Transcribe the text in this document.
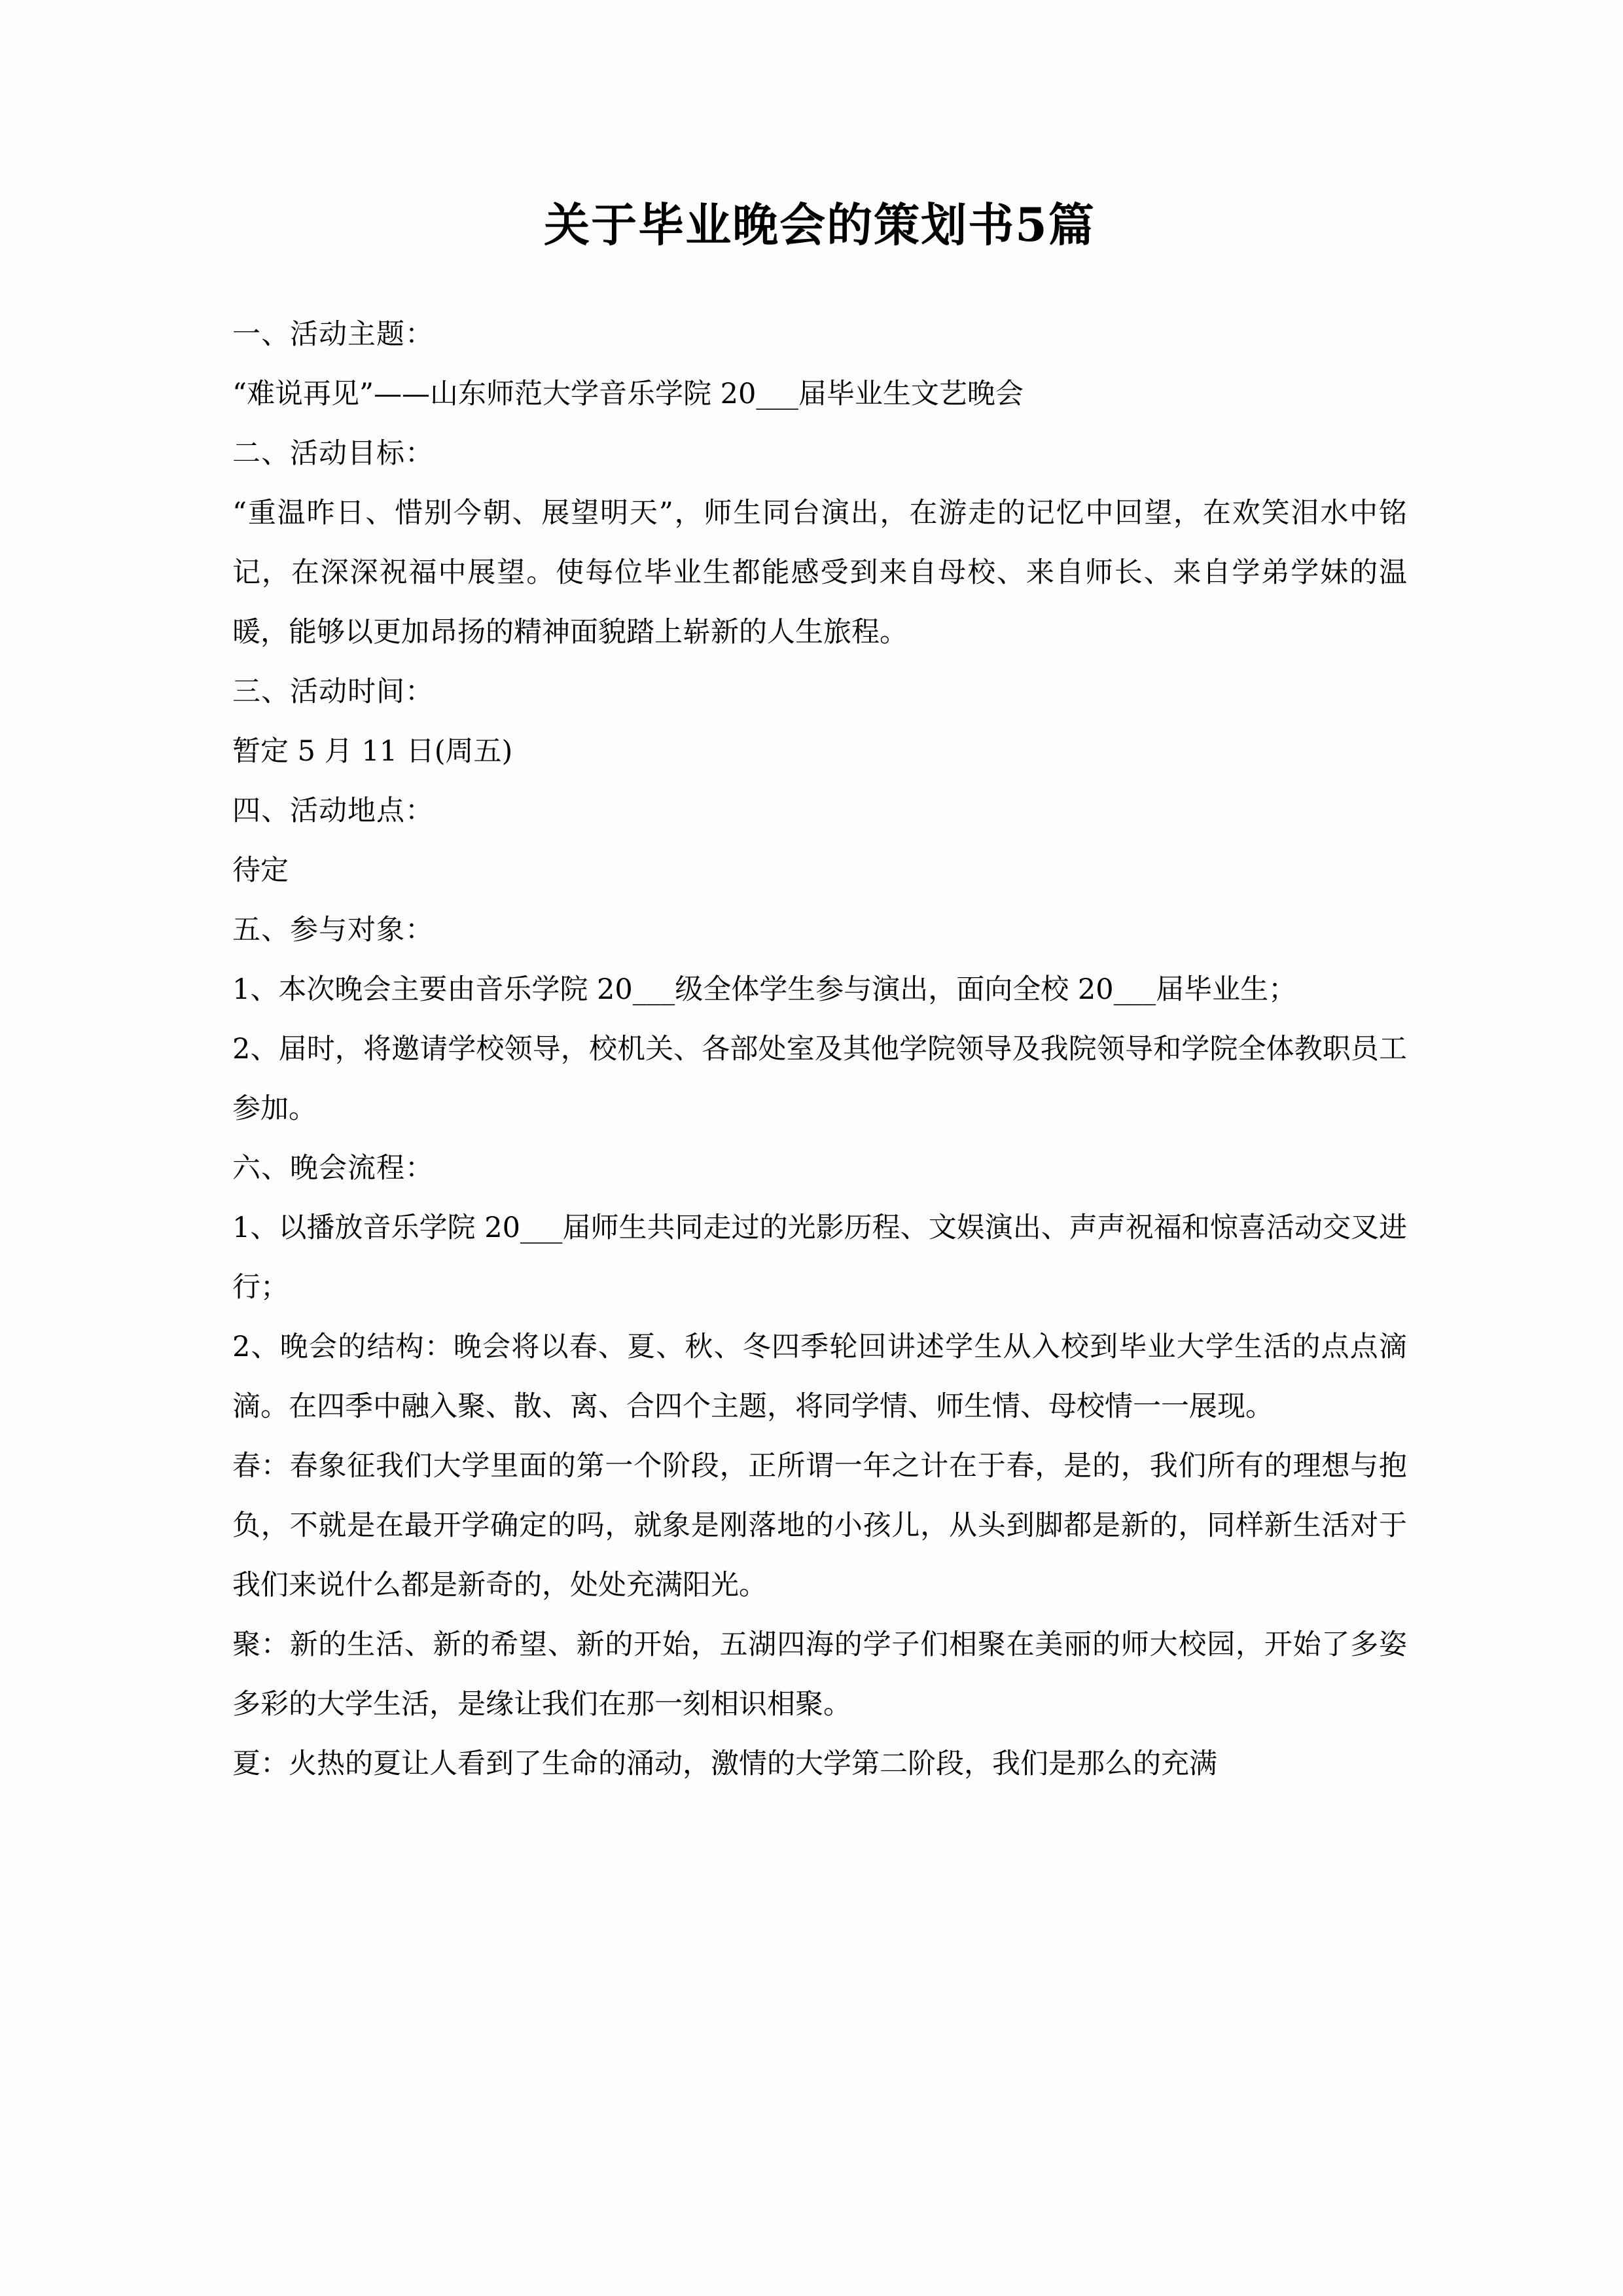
关于毕业晚会的策划书5篇

一、活动主题：

“难说再见”——山东师范大学音乐学院 20___届毕业生文艺晚会

二、活动目标：

“重温昨日、惜别今朝、展望明天”，师生同台演出，在游走的记忆中回望，在欢笑泪水中铭记，在深深祝福中展望。使每位毕业生都能感受到来自母校、来自师长、来自学弟学妹的温暖，能够以更加昂扬的精神面貌踏上崭新的人生旅程。

三、活动时间：

暂定 5 月 11 日(周五)

四、活动地点：

待定

五、参与对象：

1、本次晚会主要由音乐学院 20___级全体学生参与演出，面向全校 20___届毕业生；

2、届时，将邀请学校领导，校机关、各部处室及其他学院领导及我院领导和学院全体教职员工参加。

六、晚会流程：

1、以播放音乐学院 20___届师生共同走过的光影历程、文娱演出、声声祝福和惊喜活动交叉进行；

2、晚会的结构：晚会将以春、夏、秋、冬四季轮回讲述学生从入校到毕业大学生活的点点滴滴。在四季中融入聚、散、离、合四个主题，将同学情、师生情、母校情一一展现。

春：春象征我们大学里面的第一个阶段，正所谓一年之计在于春，是的，我们所有的理想与抱负，不就是在最开学确定的吗，就象是刚落地的小孩儿，从头到脚都是新的，同样新生活对于我们来说什么都是新奇的，处处充满阳光。

聚：新的生活、新的希望、新的开始，五湖四海的学子们相聚在美丽的师大校园，开始了多姿多彩的大学生活，是缘让我们在那一刻相识相聚。

夏：火热的夏让人看到了生命的涌动，激情的大学第二阶段，我们是那么的充满
